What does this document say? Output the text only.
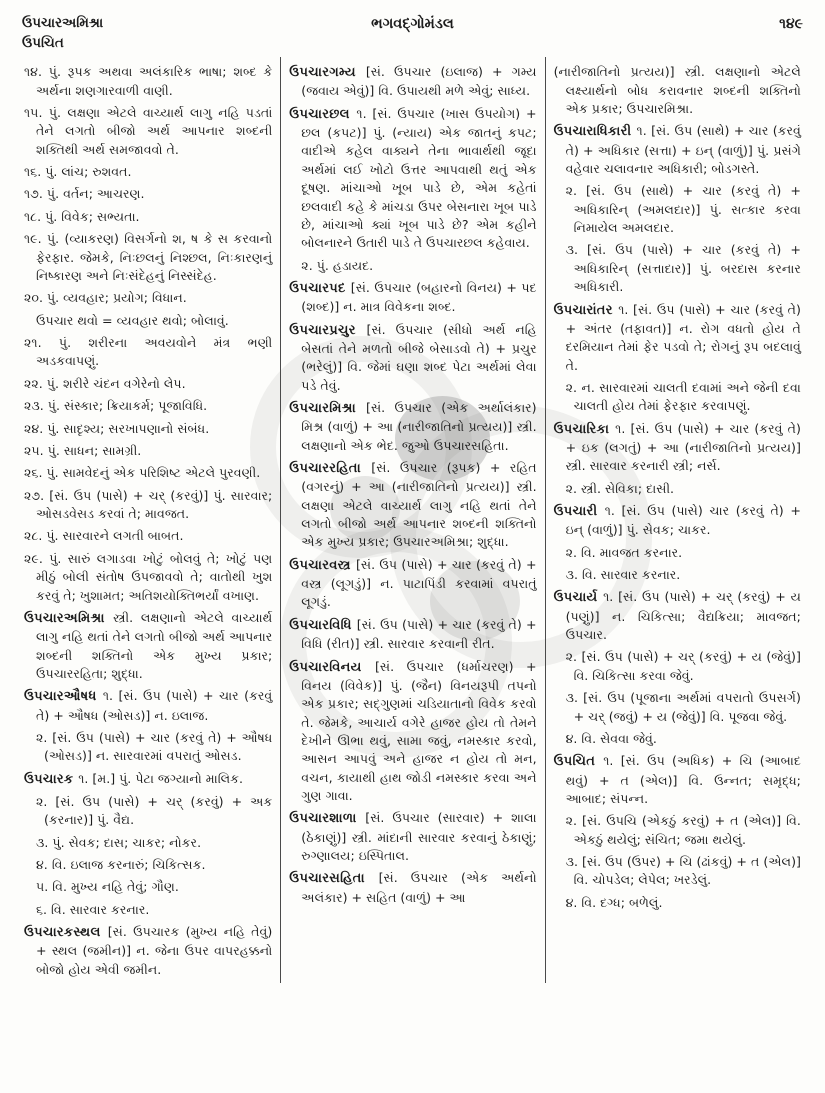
ઉપચારઅમિશ્રા
ઉપચિત
ભગવદ્ગોમંડલ	૧૪૯

૧૪. પું. રૂપક અથવા અલંકારિક ભાષા; શબ્દ કે અર્થના શણગારવાળી વાણી.

૧૫. પું. લક્ષણા એટલે વાચ્યાર્થ લાગુ નહિ પડતાં તેને લગતો બીજો અર્થ આપનાર શબ્દની શક્તિથી અર્થ સમજાવવો તે.

૧૬. પું. લાંચ; રુશવત.

૧૭. પું. વર્તન; આચરણ.

૧૮. પું. વિવેક; સભ્યતા.

૧૯. પું. (વ્યાકરણ) વિસર્ગનો શ, ષ કે સ કરવાનો ફેરફાર. જેમકે, નિઃછલનું નિશ્છલ, નિઃકારણનું નિષ્કારણ અને નિઃસંદેહનું નિસ્સંદેહ.

૨૦. પું. વ્યવહાર; પ્રયોગ; વિધાન.

ઉપચાર થવો = વ્યવહાર થવો; બોલાવું.

૨૧. પું. શરીરના અવયવોને મંત્ર ભણી અડકવાપણું.

૨૨. પું. શરીરે ચંદન વગેરેનો લેપ.

૨૩. પું. સંસ્કાર; ક્રિયાકર્મ; પૂજાવિધિ.

૨૪. પું. સાદૃશ્ય; સરખાપણાનો સંબંધ.

૨૫. પું. સાધન; સામગ્રી.

૨૬. પું. સામવેદનું એક પરિશિષ્ટ એટલે પુરવણી.

૨૭. [સં. ઉપ (પાસે) + ચર્ (કરવું)] પું. સારવાર; ઓસડવેસડ કરવાં તે; માવજત.

૨૮. પું. સારવારને લગતી બાબત.

૨૯. પું. સારું લગાડવા ખોટું બોલવું તે; ખોટું પણ મીઠું બોલી સંતોષ ઉપજાવવો તે; વાતોથી ખુશ કરવું તે; ખુશામત; અતિશયોક્તિભર્યાં વખાણ.

ઉપચારઅમિશ્રા સ્ત્રી. લક્ષણાનો એટલે વાચ્યાર્થ લાગુ નહિ થતાં તેને લગતો બીજો અર્થ આપનાર શબ્દની શક્તિનો એક મુખ્ય પ્રકાર; ઉપચારરહિતા; શુદ્ધા.

ઉપચારઔષધ ૧. [સં. ઉપ (પાસે) + ચાર (કરવું તે) + ઔષધ (ઓસડ)] ન. ઇલાજ.

૨. [સં. ઉપ (પાસે) + ચાર (કરવું તે) + ઔષધ (ઓસડ)] ન. સારવારમાં વપરાતું ઓસડ.

ઉપચારક ૧. [મ.] પું. પેટા જગ્યાનો માલિક.

૨. [સં. ઉપ (પાસે) + ચર્ (કરવું) + અક (કરનાર)] પું. વૈદ્ય.

૩. પું. સેવક; દાસ; ચાકર; નોકર.

૪. વિ. ઇલાજ કરનારું; ચિકિત્સક.

૫. વિ. મુખ્ય નહિ તેવું; ગૌણ.

૬. વિ. સારવાર કરનાર.

ઉપચારકસ્થલ [સં. ઉપચારક (મુખ્ય નહિ તેવું) + સ્થલ (જમીન)] ન. જેના ઉપર વાપરહક્કનો બોજો હોય એવી જમીન.

ઉપચારગમ્ય [સં. ઉપચાર (ઇલાજ) + ગમ્ય (જવાય એવું)] વિ. ઉપાયથી મળે એવું; સાધ્ય.

ઉપચારછલ ૧. [સં. ઉપચાર (ખાસ ઉપયોગ) + છલ (કપટ)] પું. (ન્યાય) એક જાતનું કપટ; વાદીએ કહેલ વાક્યને તેના ભાવાર્થથી જૂદા અર્થમાં લઈ ખોટો ઉત્તર આપવાથી થતું એક દૂષણ. માંચાઓ ખૂબ પાડે છે, એમ કહેતાં છલવાદી કહે કે માંચડા ઉપર બેસનારા ખૂબ પાડે છે, માંચાઓ ક્યાં ખૂબ પાડે છે? એમ કહીને બોલનારને ઉતારી પાડે તે ઉપચારછલ કહેવાય.

૨. પું. હડાયદ.

ઉપચારપદ [સં. ઉપચાર (બહારનો વિનય) + પદ (શબ્દ)] ન. માત્ર વિવેકના શબ્દ.

ઉપચારપ્રચુર [સં. ઉપચાર (સીધો અર્થ નહિ બેસતાં તેને મળતો બીજે બેસાડવો તે) + પ્રચુર (ભરેલું)] વિ. જેમાં ઘણા શબ્દ પેટા અર્થમાં લેવા પડે તેવું.

ઉપચારમિશ્રા [સં. ઉપચાર (એક અર્થાલંકાર) મિશ્ર (વાળું) + આ (નારીજાતિનો પ્રત્યય)] સ્ત્રી. લક્ષણાનો એક ભેદ. જુઓ ઉપચારસહિતા.

ઉપચારરહિતા [સં. ઉપચાર (રૂપક) + રહિત (વગરનું) + આ (નારીજાતિનો પ્રત્યય)] સ્ત્રી. લક્ષણા એટલે વાચ્યાર્થ લાગુ નહિ થતાં તેને લગતો બીજો અર્થ આપનાર શબ્દની શક્તિનો એક મુખ્ય પ્રકાર; ઉપચારઅમિશ્રા; શુદ્ધા.

ઉપચારવસ્ત્ર [સં. ઉપ (પાસે) + ચાર (કરવું તે) + વસ્ત્ર (લૂગડું)] ન. પાટાપિંડી કરવામાં વપરાતું લૂગડું.

ઉપચારવિધિ [સં. ઉપ (પાસે) + ચાર (કરવું તે) + વિધિ (રીત)] સ્ત્રી. સારવાર કરવાની રીત.

ઉપચારવિનય [સં. ઉપચાર (ધર્માચરણ) + વિનય (વિવેક)] પું. (જૈન) વિનયરૂપી તપનો એક પ્રકાર; સદ્ગુણમાં ચડિયાતાનો વિવેક કરવો તે. જેમકે, આચાર્ય વગેરે હાજર હોય તો તેમને દેખીને ઊભા થવું, સામા જવું, નમસ્કાર કરવો, આસન આપવું અને હાજર ન હોય તો મન, વચન, કાયાથી હાથ જોડી નમસ્કાર કરવા અને ગુણ ગાવા.

ઉપચારશાળા [સં. ઉપચાર (સારવાર) + શાલા (ઠેકાણું)] સ્ત્રી. માંદાની સારવાર કરવાનું ઠેકાણું; રુગ્ણાલય; ઇસ્પિતાલ.

ઉપચારસહિતા [સં. ઉપચાર (એક અર્થનો અલંકાર) + સહિત (વાળું) + આ

(નારીજાતિનો પ્રત્યય)] સ્ત્રી. લક્ષણાનો એટલે લક્ષ્યાર્થનો બોધ કરાવનાર શબ્દની શક્તિનો એક પ્રકાર; ઉપચારમિશ્રા.

ઉપચારાધિકારી ૧. [સં. ઉપ (સાથે) + ચાર (કરવું તે) + અધિકાર (સત્તા) + ઇન્ (વાળું)] પું. પ્રસંગે વહેવાર ચલાવનાર અધિકારી; બોડગસ્તે.

૨. [સં. ઉપ (સાથે) + ચાર (કરવું તે) + અધિકારિન્ (અમલદાર)] પું. સત્કાર કરવા નિમાયેલ અમલદાર.

૩. [સં. ઉપ (પાસે) + ચાર (કરવું તે) + અધિકારિન્ (સત્તાદાર)] પું. બરદાસ કરનાર અધિકારી.

ઉપચારાંતર ૧. [સં. ઉપ (પાસે) + ચાર (કરવું તે) + અંતર (તફાવત)] ન. રોગ વધતો હોય તે દરમિયાન તેમાં ફેર પડવો તે; રોગનું રૂપ બદલાવું તે.

૨. ન. સારવારમાં ચાલતી દવામાં અને જેની દવા ચાલતી હોય તેમાં ફેરફાર કરવાપણું.

ઉપચારિકા ૧. [સં. ઉપ (પાસે) + ચાર (કરવું તે) + ઇક (લગતું) + આ (નારીજાતિનો પ્રત્યય)] સ્ત્રી. સારવાર કરનારી સ્ત્રી; નર્સ.

૨. સ્ત્રી. સેવિકા; દાસી.

ઉપચારી ૧. [સં. ઉપ (પાસે) ચાર (કરવું તે) + ઇન્ (વાળું)] પું. સેવક; ચાકર.

૨. વિ. માવજત કરનાર.

૩. વિ. સારવાર કરનાર.

ઉપચાર્ય ૧. [સં. ઉપ (પાસે) + ચર્ (કરવું) + ય (પણું)] ન. ચિકિત્સા; વૈદ્યક્રિયા; માવજત; ઉપચાર.

૨. [સં. ઉપ (પાસે) + ચર્ (કરવું) + ય (જેવું)] વિ. ચિકિત્સા કરવા જેવું.

૩. [સં. ઉપ (પૂજાના અર્થમાં વપરાતો ઉપસર્ગ) + ચર્ (જવું) + ય (જેવું)] વિ. પૂજવા જેવું.

૪. વિ. સેવવા જેવું.

ઉપચિત ૧. [સં. ઉપ (અધિક) + ચિ (આબાદ થવું) + ત (એલ)] વિ. ઉન્નત; સમૃદ્ધ; આબાદ; સંપન્ન.

૨. [સં. ઉપચિ (એકઠું કરવું) + ત (એલ)] વિ. એકઠું થયેલું; સંચિત; જમા થયેલું.

૩. [સં. ઉપ (ઉપર) + ચિ (ઢાંકવું) + ત (એલ)] વિ. ચોપડેલ; લેપેલ; ખરડેલું.

૪. વિ. દગ્ધ; બળેલું.
